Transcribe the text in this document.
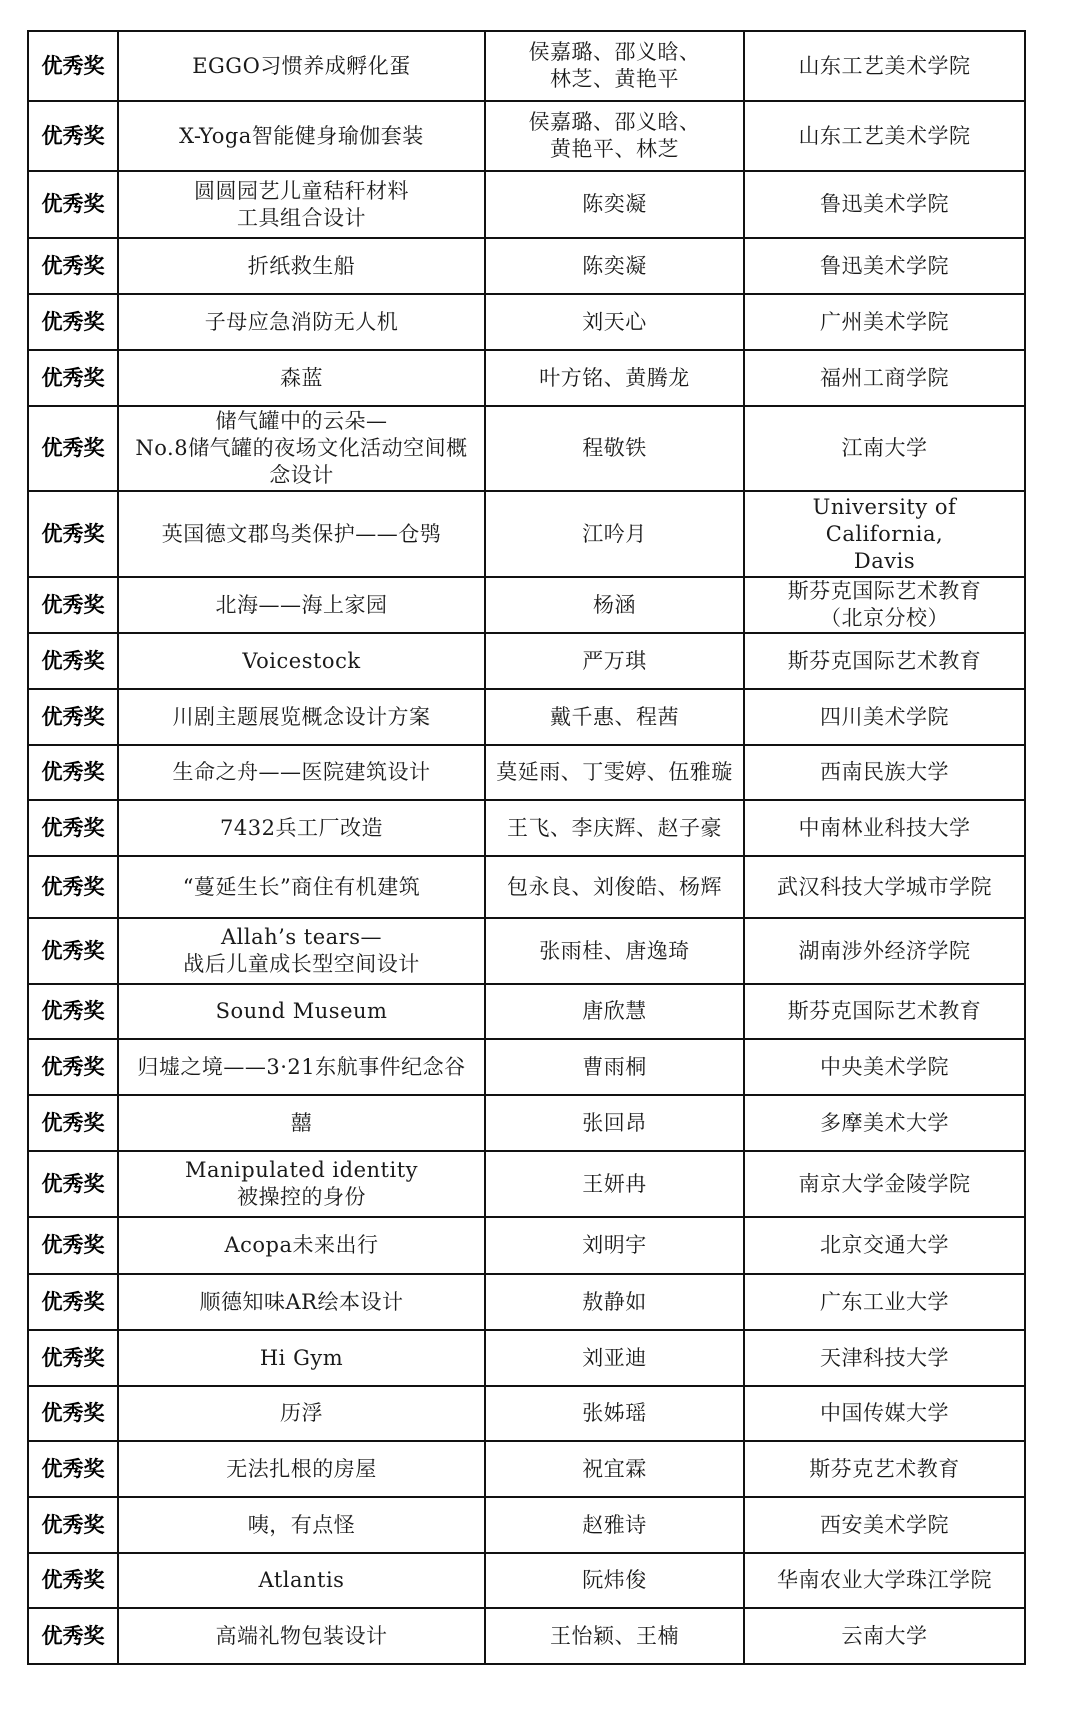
优秀奖	EGGO习惯养成孵化蛋	侯嘉璐、邵义晗、
林芝、黄艳平	山东工艺美术学院
优秀奖	X-Yoga智能健身瑜伽套装	侯嘉璐、邵义晗、
黄艳平、林芝	山东工艺美术学院
优秀奖	圆圆园艺儿童秸秆材料
工具组合设计	陈奕凝	鲁迅美术学院
优秀奖	折纸救生船	陈奕凝	鲁迅美术学院
优秀奖	子母应急消防无人机	刘天心	广州美术学院
优秀奖	森蓝	叶方铭、黄腾龙	福州工商学院
优秀奖	储气罐中的云朵—
No.8储气罐的夜场文化活动空间概
念设计	程敬铁	江南大学
优秀奖	英国德文郡鸟类保护——仓鸮	江吟月	University of
California,
Davis
优秀奖	北海——海上家园	杨涵	斯芬克国际艺术教育
（北京分校）
优秀奖	Voicestock	严万琪	斯芬克国际艺术教育
优秀奖	川剧主题展览概念设计方案	戴千惠、程茜	四川美术学院
优秀奖	生命之舟——医院建筑设计	莫延雨、丁雯婷、伍雅璇	西南民族大学
优秀奖	7432兵工厂改造	王飞、李庆辉、赵子豪	中南林业科技大学
优秀奖	“蔓延生长”商住有机建筑	包永良、刘俊皓、杨辉	武汉科技大学城市学院
优秀奖	Allah’s tears—
战后儿童成长型空间设计	张雨桂、唐逸琦	湖南涉外经济学院
优秀奖	Sound Museum	唐欣慧	斯芬克国际艺术教育
优秀奖	归墟之境——3·21东航事件纪念谷	曹雨桐	中央美术学院
优秀奖	囍	张回昂	多摩美术大学
优秀奖	Manipulated identity
被操控的身份	王妍冉	南京大学金陵学院
优秀奖	Acopa未来出行	刘明宇	北京交通大学
优秀奖	顺德知味AR绘本设计	敖静如	广东工业大学
优秀奖	Hi Gym	刘亚迪	天津科技大学
优秀奖	历浮	张姊瑶	中国传媒大学
优秀奖	无法扎根的房屋	祝宜霖	斯芬克艺术教育
优秀奖	咦，有点怪	赵雅诗	西安美术学院
优秀奖	Atlantis	阮炜俊	华南农业大学珠江学院
优秀奖	高端礼物包装设计	王怡颖、王楠	云南大学
